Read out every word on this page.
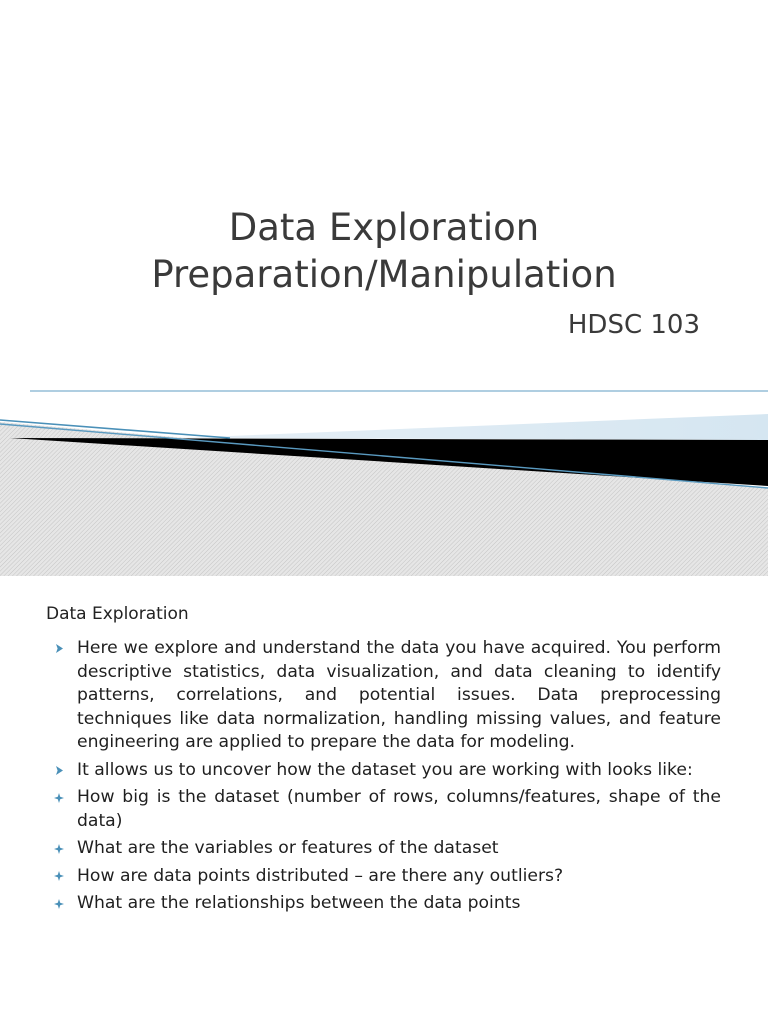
Data Exploration
Preparation/Manipulation
HDSC 103
Data Exploration
Here we explore and understand the data you have acquired. You perform descriptive statistics, data visualization, and data cleaning to identify patterns, correlations, and potential issues. Data preprocessing techniques like data normalization, handling missing values, and feature engineering are applied to prepare the data for modeling.
It allows us to uncover how the dataset you are working with looks like:
How big is the dataset (number of rows, columns/features, shape of the data)
What are the variables or features of the dataset
How are data points distributed – are there any outliers?
What are the relationships between the data points
